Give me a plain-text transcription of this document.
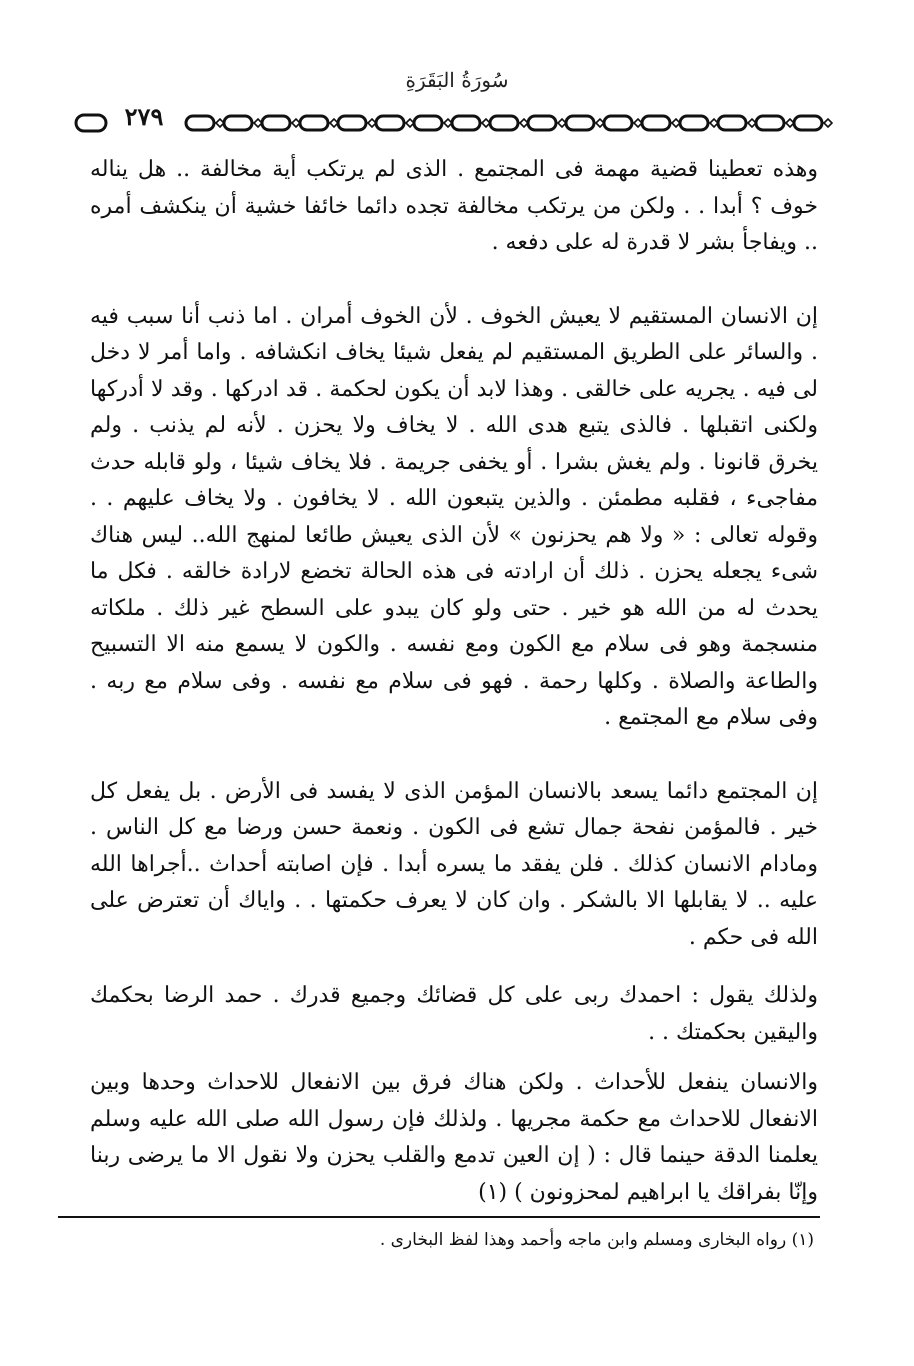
سُورَةُ البَقَرَةِ
٢٧٩

وهذه تعطينا قضية مهمة فى المجتمع . الذى لم يرتكب أية مخالفة .. هل يناله خوف ؟ أبدا . . ولكن من يرتكب مخالفة تجده دائما خائفا خشية أن ينكشف أمره .. ويفاجأ بشر لا قدرة له على دفعه .

إن الانسان المستقيم لا يعيش الخوف . لأن الخوف أمران . اما ذنب أنا سبب فيه . والسائر على الطريق المستقيم لم يفعل شيئا يخاف انكشافه . واما أمر لا دخل لى فيه . يجريه على خالقى . وهذا لابد أن يكون لحكمة . قد ادركها . وقد لا أدركها ولكنى اتقبلها . فالذى يتبع هدى الله . لا يخاف ولا يحزن . لأنه لم يذنب . ولم يخرق قانونا . ولم يغش بشرا . أو يخفى جريمة . فلا يخاف شيئا ، ولو قابله حدث مفاجىء ، فقلبه مطمئن . والذين يتبعون الله . لا يخافون . ولا يخاف عليهم . . وقوله تعالى : « ولا هم يحزنون » لأن الذى يعيش طائعا لمنهج الله.. ليس هناك شىء يجعله يحزن . ذلك أن ارادته فى هذه الحالة تخضع لارادة خالقه . فكل ما يحدث له من الله هو خير . حتى ولو كان يبدو على السطح غير ذلك . ملكاته منسجمة وهو فى سلام مع الكون ومع نفسه . والكون لا يسمع منه الا التسبيح والطاعة والصلاة . وكلها رحمة . فهو فى سلام مع نفسه . وفى سلام مع ربه . وفى سلام مع المجتمع .

إن المجتمع دائما يسعد بالانسان المؤمن الذى لا يفسد فى الأرض . بل يفعل كل خير . فالمؤمن نفحة جمال تشع فى الكون . ونعمة حسن ورضا مع كل الناس . ومادام الانسان كذلك . فلن يفقد ما يسره أبدا . فإن اصابته أحداث ..أجراها الله عليه .. لا يقابلها الا بالشكر . وان كان لا يعرف حكمتها . . واياك أن تعترض على الله فى حكم .

ولذلك يقول : احمدك ربى على كل قضائك وجميع قدرك . حمد الرضا بحكمك واليقين بحكمتك . .

والانسان ينفعل للأحداث . ولكن هناك فرق بين الانفعال للاحداث وحدها وبين الانفعال للاحداث مع حكمة مجريها . ولذلك فإن رسول الله صلى الله عليه وسلم يعلمنا الدقة حينما قال : ( إن العين تدمع والقلب يحزن ولا نقول الا ما يرضى ربنا وإنّا بفراقك يا ابراهيم لمحزونون ) (١)

(١) رواه البخارى ومسلم وابن ماجه وأحمد وهذا لفظ البخارى .
